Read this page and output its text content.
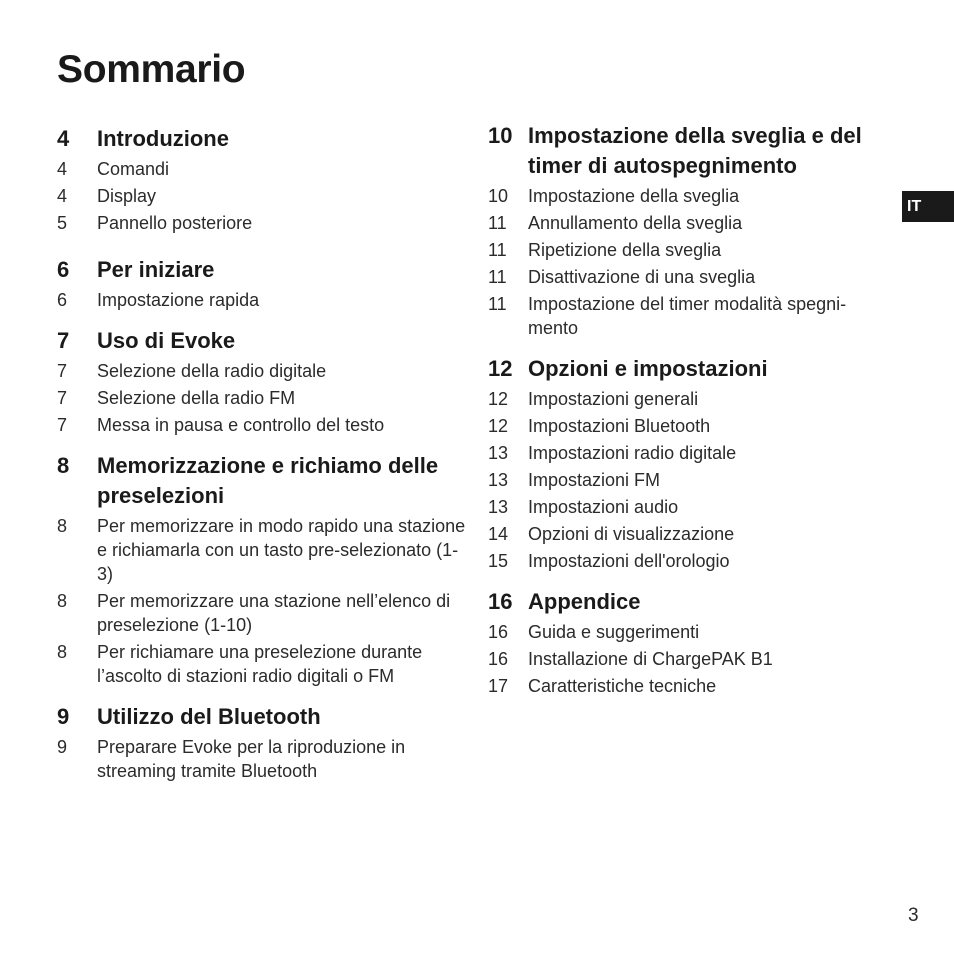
Sommario
4	Introduzione
4	Comandi
4	Display
5	Pannello posteriore
6	Per iniziare
6	Impostazione rapida
7	Uso di Evoke
7	Selezione della radio digitale
7	Selezione della radio FM
7	Messa in pausa e controllo del testo
8	Memorizzazione e richiamo delle preselezioni
8	Per memorizzare in modo rapido una stazione e richiamarla con un tasto pre-selezionato (1-3)
8	Per memorizzare una stazione nell’elenco di preselezione (1-10)
8	Per richiamare una preselezione durante l’ascolto di stazioni radio digitali o FM
9	Utilizzo del Bluetooth
9	Preparare Evoke per la riproduzione in streaming tramite Bluetooth
10 Impostazione della sveglia e del timer di autospegnimento
10	Impostazione della sveglia
11	Annullamento della sveglia
11	Ripetizione della sveglia
11	Disattivazione di una sveglia
11	Impostazione del timer modalità spegni-mento
12 Opzioni e impostazioni
12	Impostazioni generali
12	Impostazioni Bluetooth
13	Impostazioni radio digitale
13	Impostazioni FM
13	Impostazioni audio
14	Opzioni di visualizzazione
15	Impostazioni dell'orologio
16 Appendice
16	Guida e suggerimenti
16	Installazione di ChargePAK B1
17	Caratteristiche tecniche
IT
3
